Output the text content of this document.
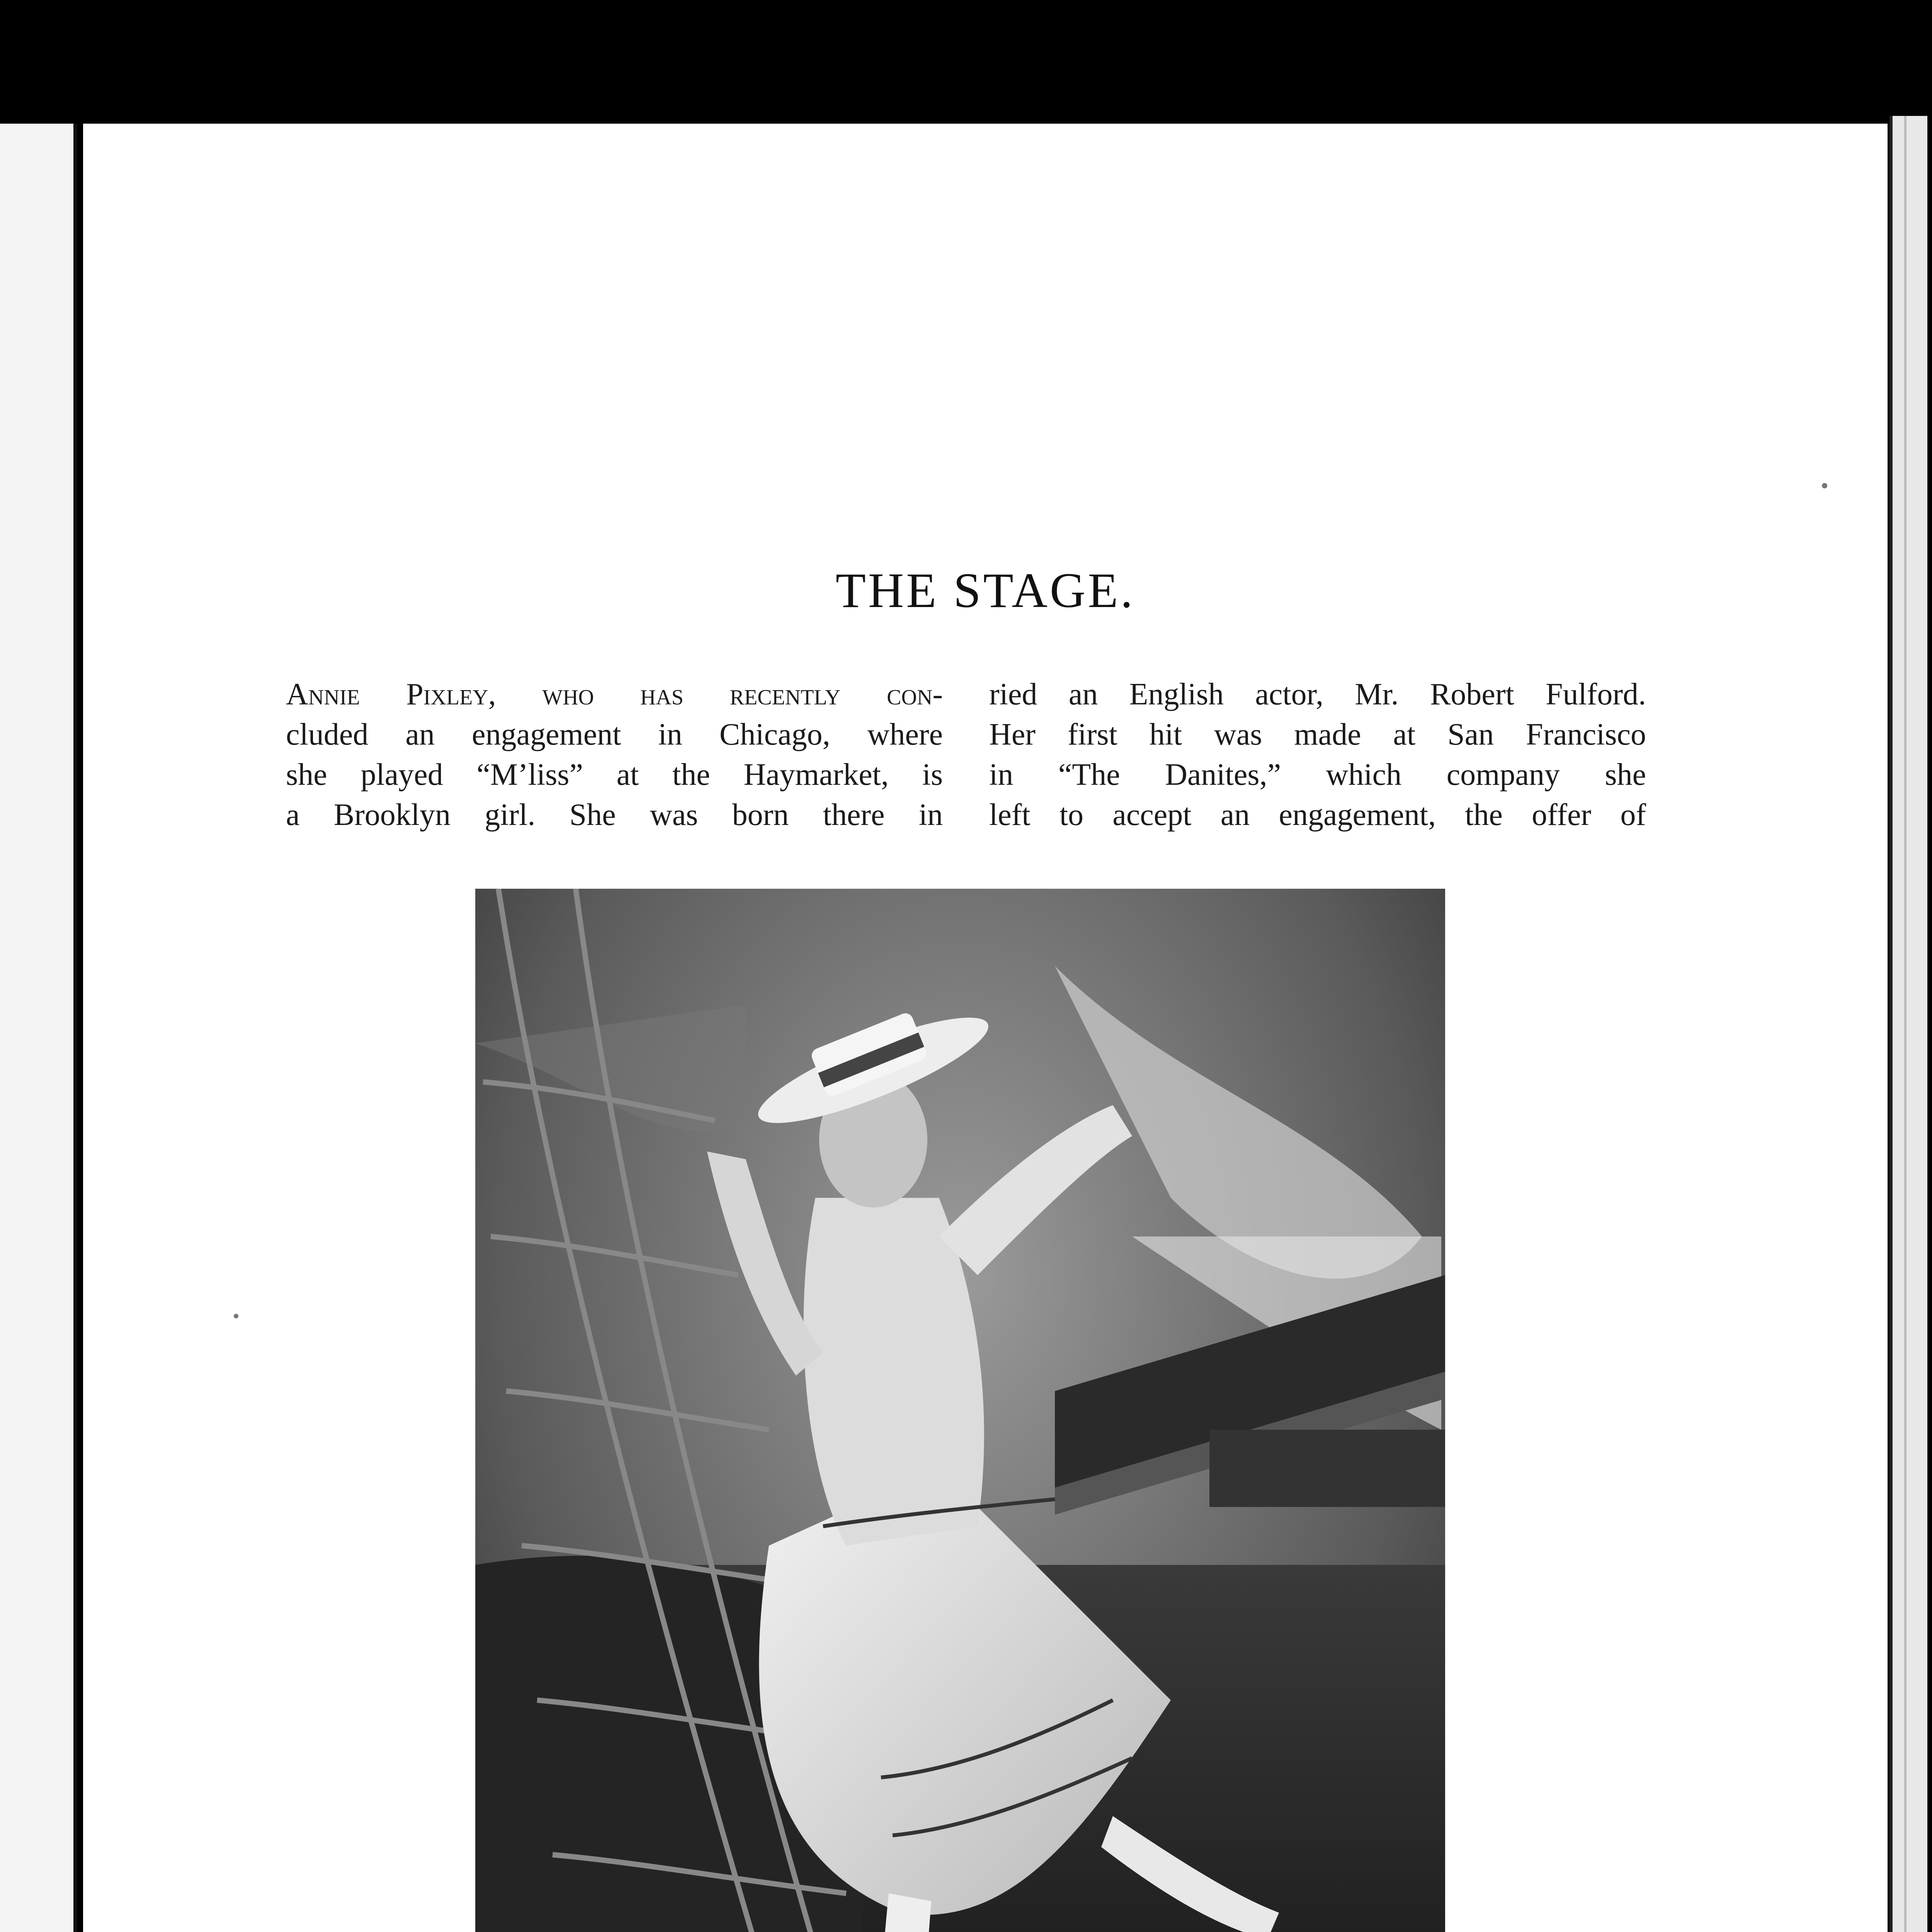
THE STAGE.
Annie Pixley, who has recently con-
cluded an engagement in Chicago, where
she played “M’liss” at the Haymarket, is
a Brooklyn girl. She was born there in
ried an English actor, Mr. Robert Fulford.
Her first hit was made at San Francisco
in “The Danites,” which company she
left to accept an engagement, the offer of
